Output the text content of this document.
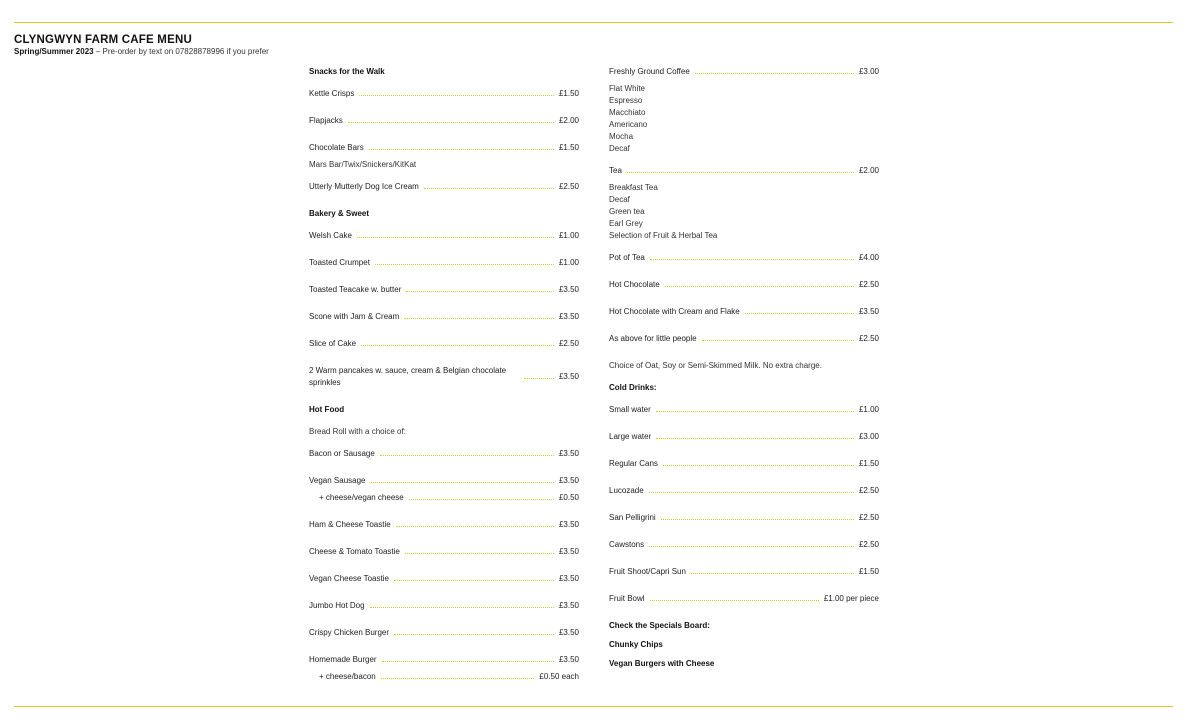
CLYNGWYN FARM CAFE MENU
Spring/Summer 2023 – Pre-order by text on 07828878996 if you prefer
Snacks for the Walk
Kettle Crisps	£1.50
Flapjacks	£2.00
Chocolate Bars	£1.50
Mars Bar/Twix/Snickers/KitKat
Utterly Mutterly Dog Ice Cream	£2.50
Bakery & Sweet
Welsh Cake	£1.00
Toasted Crumpet	£1.00
Toasted Teacake w. butter	£3.50
Scone with Jam & Cream	£3.50
Slice of Cake	£2.50
2 Warm pancakes w. sauce, cream & Belgian chocolate sprinkles
£3.50
Hot Food
Bread Roll with a choice of:
Bacon or Sausage	£3.50
Vegan Sausage	£3.50
+ cheese/vegan cheese	£0.50
Ham & Cheese Toastie	£3.50
Cheese & Tomato Toastie	£3.50
Vegan Cheese Toastie	£3.50
Jumbo Hot Dog	£3.50
Crispy Chicken Burger	£3.50
Homemade Burger	£3.50
+ cheese/bacon	£0.50 each
Freshly Ground Coffee	£3.00
Flat White
Espresso
Macchiato
Americano
Mocha
Decaf
Tea	£2.00
Breakfast Tea
Decaf
Green tea
Earl Grey
Selection of Fruit & Herbal Tea
Pot of Tea	£4.00
Hot Chocolate	£2.50
Hot Chocolate with Cream and Flake	£3.50
As above for little people	£2.50
Choice of Oat, Soy or Semi-Skimmed Milk. No extra charge.
Cold Drinks:
Small water	£1.00
Large water	£3.00
Regular Cans	£1.50
Lucozade	£2.50
San Pelligrini	£2.50
Cawstons	£2.50
Fruit Shoot/Capri Sun	£1.50
Fruit Bowl	£1.00 per piece
Check the Specials Board:
Chunky Chips
Vegan Burgers with Cheese
